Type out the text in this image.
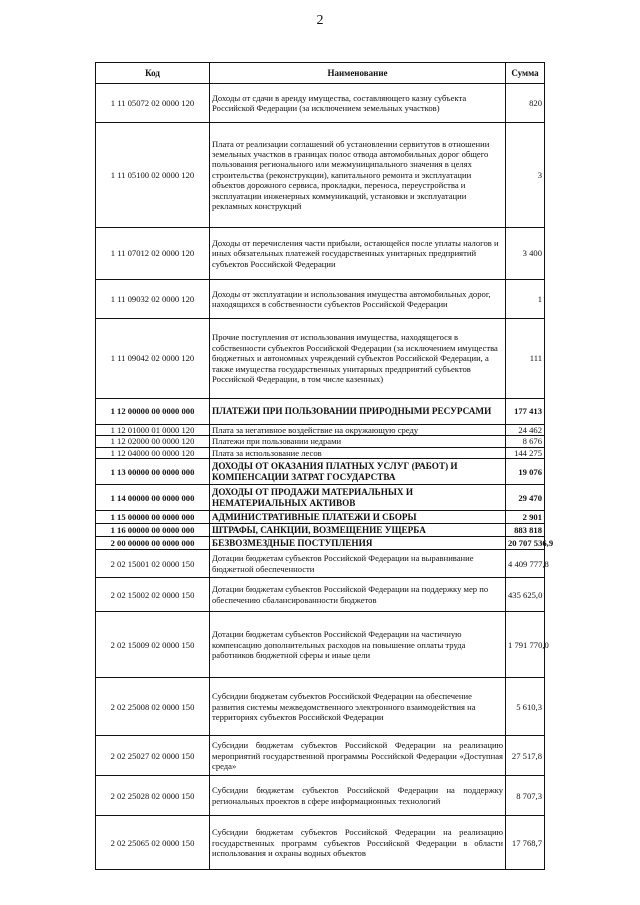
2
Код	Наименование	Сумма
1 11 05072 02 0000 120	Доходы от сдачи в аренду имущества, составляющего казну субъекта Российской Федерации (за исключением земельных участков)	820
1 11 05100 02 0000 120	Плата от реализации соглашений об установлении сервитутов в отношении земельных участков в границах полос отвода автомобильных дорог общего пользования регионального или межмуниципального значения в целях строительства (реконструкции), капитального ремонта и эксплуатации объектов дорожного сервиса, прокладки, переноса, переустройства и эксплуатации инженерных коммуникаций, установки и эксплуатации рекламных конструкций	3
1 11 07012 02 0000 120	Доходы от перечисления части прибыли, остающейся после уплаты налогов и иных обязательных платежей государственных унитарных предприятий субъектов Российской Федерации	3 400
1 11 09032 02 0000 120	Доходы от эксплуатации и использования имущества автомобильных дорог, находящихся в собственности субъектов Российской Федерации	1
1 11 09042 02 0000 120	Прочие поступления от использования имущества, находящегося в собственности субъектов Российской Федерации (за исключением имущества бюджетных и автономных учреждений субъектов Российской Федерации, а также имущества государственных унитарных предприятий субъектов Российской Федерации, в том числе казенных)	111
1 12 00000 00 0000 000	ПЛАТЕЖИ ПРИ ПОЛЬЗОВАНИИ ПРИРОДНЫМИ РЕСУРСАМИ	177 413
1 12 01000 01 0000 120	Плата за негативное воздействие на окружающую среду	24 462
1 12 02000 00 0000 120	Платежи при пользовании недрами	8 676
1 12 04000 00 0000 120	Плата за использование лесов	144 275
1 13 00000 00 0000 000	ДОХОДЫ ОТ ОКАЗАНИЯ ПЛАТНЫХ УСЛУГ (РАБОТ) И КОМПЕНСАЦИИ ЗАТРАТ ГОСУДАРСТВА	19 076
1 14 00000 00 0000 000	ДОХОДЫ ОТ ПРОДАЖИ МАТЕРИАЛЬНЫХ И НЕМАТЕРИАЛЬНЫХ АКТИВОВ	29 470
1 15 00000 00 0000 000	АДМИНИСТРАТИВНЫЕ ПЛАТЕЖИ И СБОРЫ	2 901
1 16 00000 00 0000 000	ШТРАФЫ, САНКЦИИ, ВОЗМЕЩЕНИЕ УЩЕРБА	883 818
2 00 00000 00 0000 000	БЕЗВОЗМЕЗДНЫЕ ПОСТУПЛЕНИЯ	20 707 536,9
2 02 15001 02 0000 150	Дотации бюджетам субъектов Российской Федерации на выравнивание бюджетной обеспеченности	4 409 777,8
2 02 15002 02 0000 150	Дотации бюджетам субъектов Российской Федерации на поддержку мер по обеспечению сбалансированности бюджетов	435 625,0
2 02 15009 02 0000 150	Дотации бюджетам субъектов Российской Федерации на частичную компенсацию дополнительных расходов на повышение оплаты труда работников бюджетной сферы и иные цели	1 791 770,0
2 02 25008 02 0000 150	Субсидии бюджетам субъектов Российской Федерации на обеспечение развития системы межведомственного электронного взаимодействия на территориях субъектов Российской Федерации	5 610,3
2 02 25027 02 0000 150	Субсидии бюджетам субъектов Российской Федерации на реализацию мероприятий государственной программы Российской Федерации «Доступная среда»	27 517,8
2 02 25028 02 0000 150	Субсидии бюджетам субъектов Российской Федерации на поддержку региональных проектов в сфере информационных технологий	8 707,3
2 02 25065 02 0000 150	Субсидии бюджетам субъектов Российской Федерации на реализацию государственных программ субъектов Российской Федерации в области использования и охраны водных объектов	17 768,7
